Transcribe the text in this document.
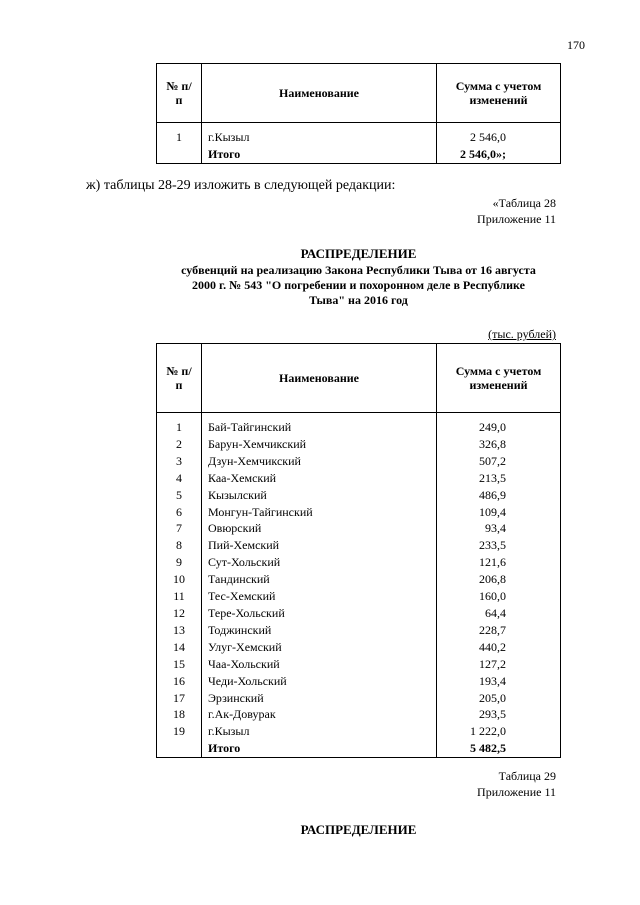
170
№ п/п	Наименование	Сумма с учетом изменений
1	г.Кызыл	2 546,0
	Итого	2 546,0»;
ж) таблицы 28-29 изложить в следующей редакции:
«Таблица 28
Приложение 11
РАСПРЕДЕЛЕНИЕ
субвенций на реализацию Закона Республики Тыва от 16 августа
2000 г. № 543 "О погребении и похоронном деле в Республике
Тыва" на 2016 год
(тыс. рублей)
№ п/п	Наименование	Сумма с учетом изменений
1	Бай-Тайгинский	249,0
2	Барун-Хемчикский	326,8
3	Дзун-Хемчикский	507,2
4	Каа-Хемский	213,5
5	Кызылский	486,9
6	Монгун-Тайгинский	109,4
7	Овюрский	93,4
8	Пий-Хемский	233,5
9	Сут-Хольский	121,6
10	Тандинский	206,8
11	Тес-Хемский	160,0
12	Тере-Хольский	64,4
13	Тоджинский	228,7
14	Улуг-Хемский	440,2
15	Чаа-Хольский	127,2
16	Чеди-Хольский	193,4
17	Эрзинский	205,0
18	г.Ак-Довурак	293,5
19	г.Кызыл	1 222,0
	Итого	5 482,5
Таблица 29
Приложение 11
РАСПРЕДЕЛЕНИЕ
